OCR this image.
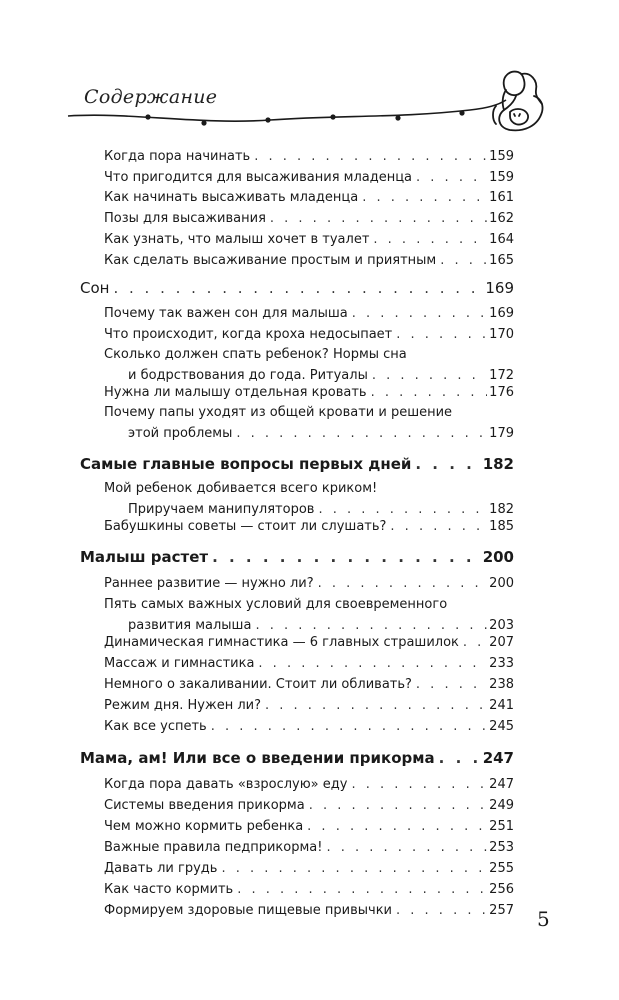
Содержание
Когда пора начинать . . .	159
Что пригодится для высаживания младенца . . .	159
Как начинать высаживать младенца . . .	161
Позы для высаживания . . .	162
Как узнать, что малыш хочет в туалет . . .	164
Как сделать высаживание простым и приятным . . .	165
Сон . . .	169
Почему так важен сон для малыша . . .	169
Что происходит, когда кроха недосыпает . . .	170
Сколько должен спать ребенок? Нормы сна
и бодрствования до года. Ритуалы . . .	172
Нужна ли малышу отдельная кровать . . .	176
Почему папы уходят из общей кровати и решение
этой проблемы . . .	179
Самые главные вопросы первых дней . . .	182
Мой ребенок добивается всего криком!
Приручаем манипуляторов . . .	182
Бабушкины советы — стоит ли слушать? . . .	185
Малыш растет . . .	200
Раннее развитие — нужно ли? . . .	200
Пять самых важных условий для своевременного
развития малыша . . .	203
Динамическая гимнастика — 6 главных страшилок . . . 207
Массаж и гимнастика . . .	233
Немного о закаливании. Стоит ли обливать? . . .	238
Режим дня. Нужен ли? . . .	241
Как все успеть . . .	245
Мама, ам! Или все о введении прикорма . . .	247
Когда пора давать «взрослую» еду . . .	247
Системы введения прикорма . . .	249
Чем можно кормить ребенка . . .	251
Важные правила педприкорма! . . .	253
Давать ли грудь . . .	255
Как часто кормить . . .	256
Формируем здоровые пищевые привычки . . .	257 5
